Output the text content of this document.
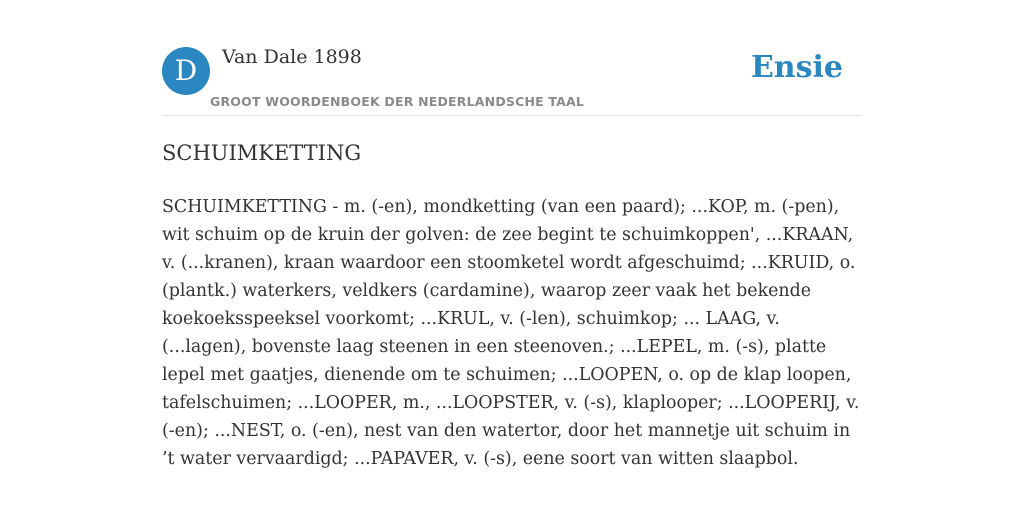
D	Van Dale 1898
GROOT WOORDENBOEK DER NEDERLANDSCHE TAAL
Ensie
SCHUIMKETTING

SCHUIMKETTING - m. (-en), mondketting (van een paard); ...KOP, m. (-pen), wit schuim op de kruin der golven: de zee begint te schuimkoppen', ...KRAAN, v. (...kranen), kraan waardoor een stoomketel wordt afgeschuimd; ...KRUID, o. (plantk.) waterkers, veldkers (cardamine), waarop zeer vaak het bekende koekoeksspeeksel voorkomt; ...KRUL, v. (-len), schuimkop; ... LAAG, v. (...lagen), bovenste laag steenen in een steenoven.; ...LEPEL, m. (-s), platte lepel met gaatjes, dienende om te schuimen; ...LOOPEN, o. op de klap loopen, tafelschuimen; ...LOOPER, m., ...LOOPSTER, v. (-s), klaplooper; ...LOOPERIJ, v. (-en); ...NEST, o. (-en), nest van den watertor, door het mannetje uit schuim in ’t water vervaardigd; ...PAPAVER, v. (-s), eene soort van witten slaapbol.
